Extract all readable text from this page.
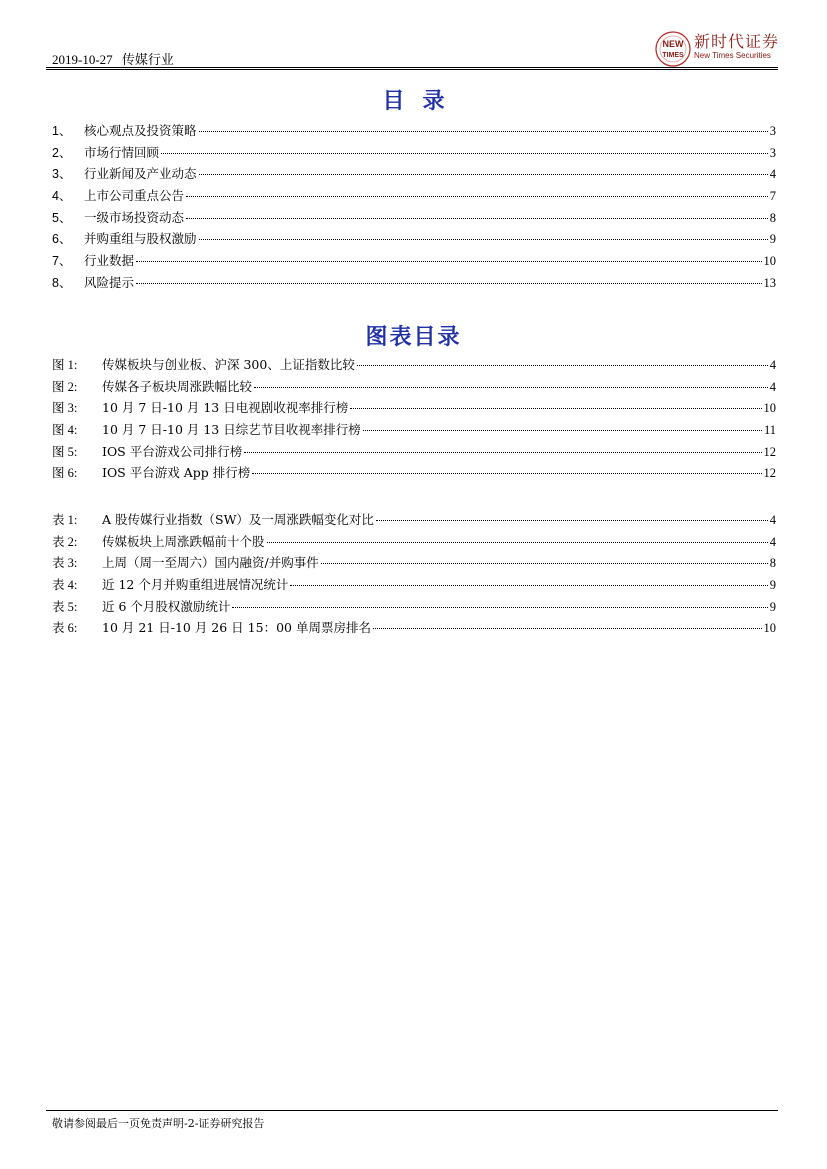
2019-10-27 传媒行业
NEW
TIMES
新时代证券
New Times Securities
目录
1、	核心观点及投资策略	3
2、	市场行情回顾	3
3、	行业新闻及产业动态	4
4、	上市公司重点公告	7
5、	一级市场投资动态	8
6、	并购重组与股权激励	9
7、	行业数据	10
8、	风险提示	13
图表目录
图 1:	传媒板块与创业板、沪深 300、上证指数比较	4
图 2:	传媒各子板块周涨跌幅比较	4
图 3:	10 月 7 日-10 月 13 日电视剧收视率排行榜	10
图 4:	10 月 7 日-10 月 13 日综艺节目收视率排行榜	11
图 5:	IOS 平台游戏公司排行榜	12
图 6:	IOS 平台游戏 App 排行榜	12
表 1:	A 股传媒行业指数（SW）及一周涨跌幅变化对比	4
表 2:	传媒板块上周涨跌幅前十个股	4
表 3:	上周（周一至周六）国内融资/并购事件	8
表 4:	近 12 个月并购重组进展情况统计	9
表 5:	近 6 个月股权激励统计	9
表 6:	10 月 21 日-10 月 26 日 15：00 单周票房排名	10
敬请参阅最后一页免责声明-2-证券研究报告
